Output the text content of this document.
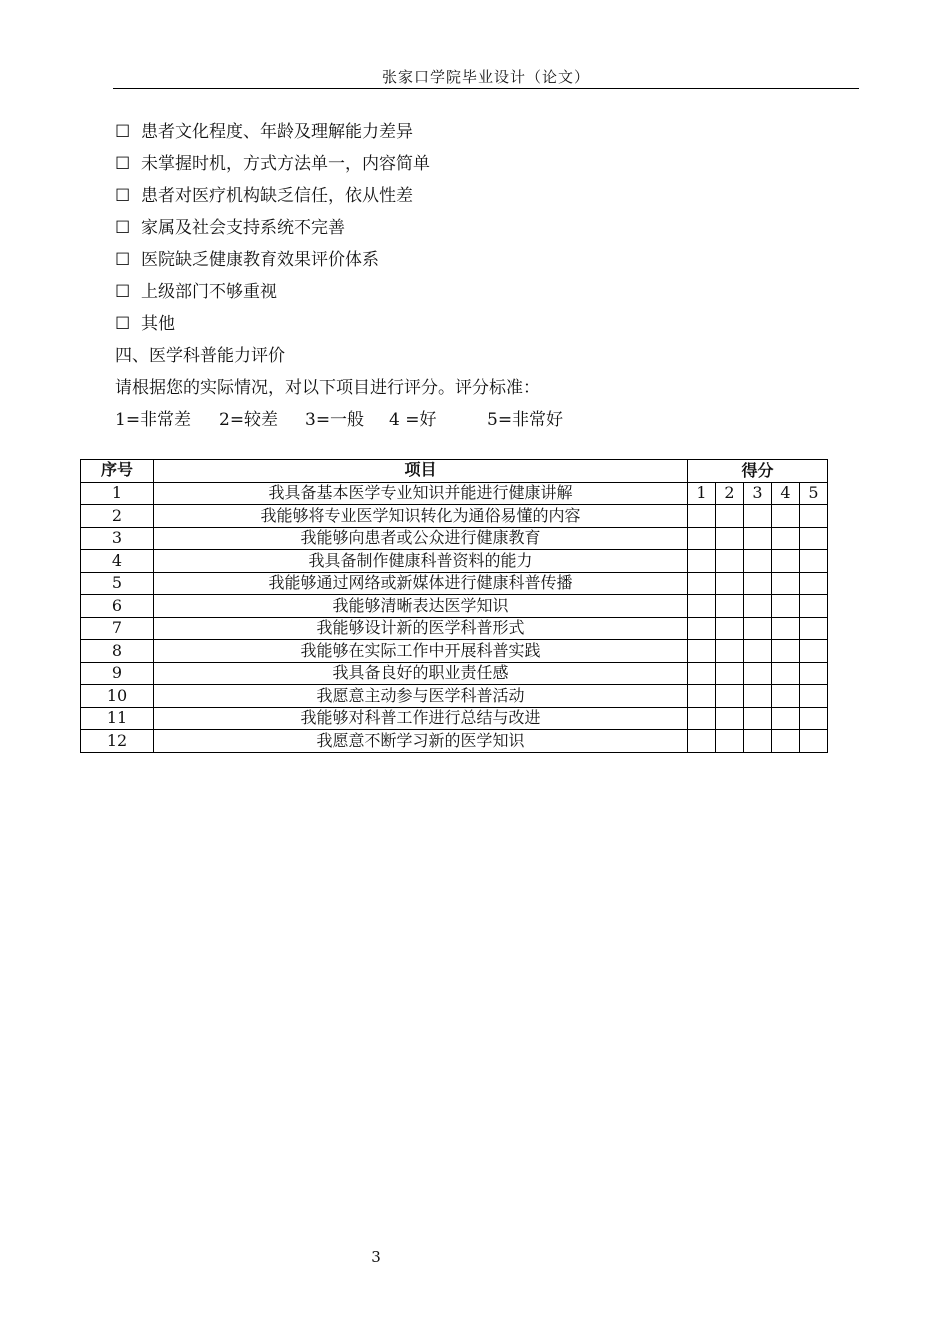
张家口学院毕业设计（论文）
☐ 患者文化程度、年龄及理解能力差异
☐ 未掌握时机，方式方法单一，内容简单
☐ 患者对医疗机构缺乏信任，依从性差
☐ 家属及社会支持系统不完善
☐ 医院缺乏健康教育效果评价体系
☐ 上级部门不够重视
☐ 其他
四、医学科普能力评价
请根据您的实际情况，对以下项目进行评分。评分标准：
1=非常差 2=较差 3=一般 4 =好	5=非常好
序号	项目	得分				
1	我具备基本医学专业知识并能进行健康讲解	1	2	3	4	5
2	我能够将专业医学知识转化为通俗易懂的内容					
3	我能够向患者或公众进行健康教育					
4	我具备制作健康科普资料的能力					
5	我能够通过网络或新媒体进行健康科普传播					
6	我能够清晰表达医学知识					
7	我能够设计新的医学科普形式					
8	我能够在实际工作中开展科普实践					
9	我具备良好的职业责任感					
10	我愿意主动参与医学科普活动					
11	我能够对科普工作进行总结与改进					
12	我愿意不断学习新的医学知识					
3
